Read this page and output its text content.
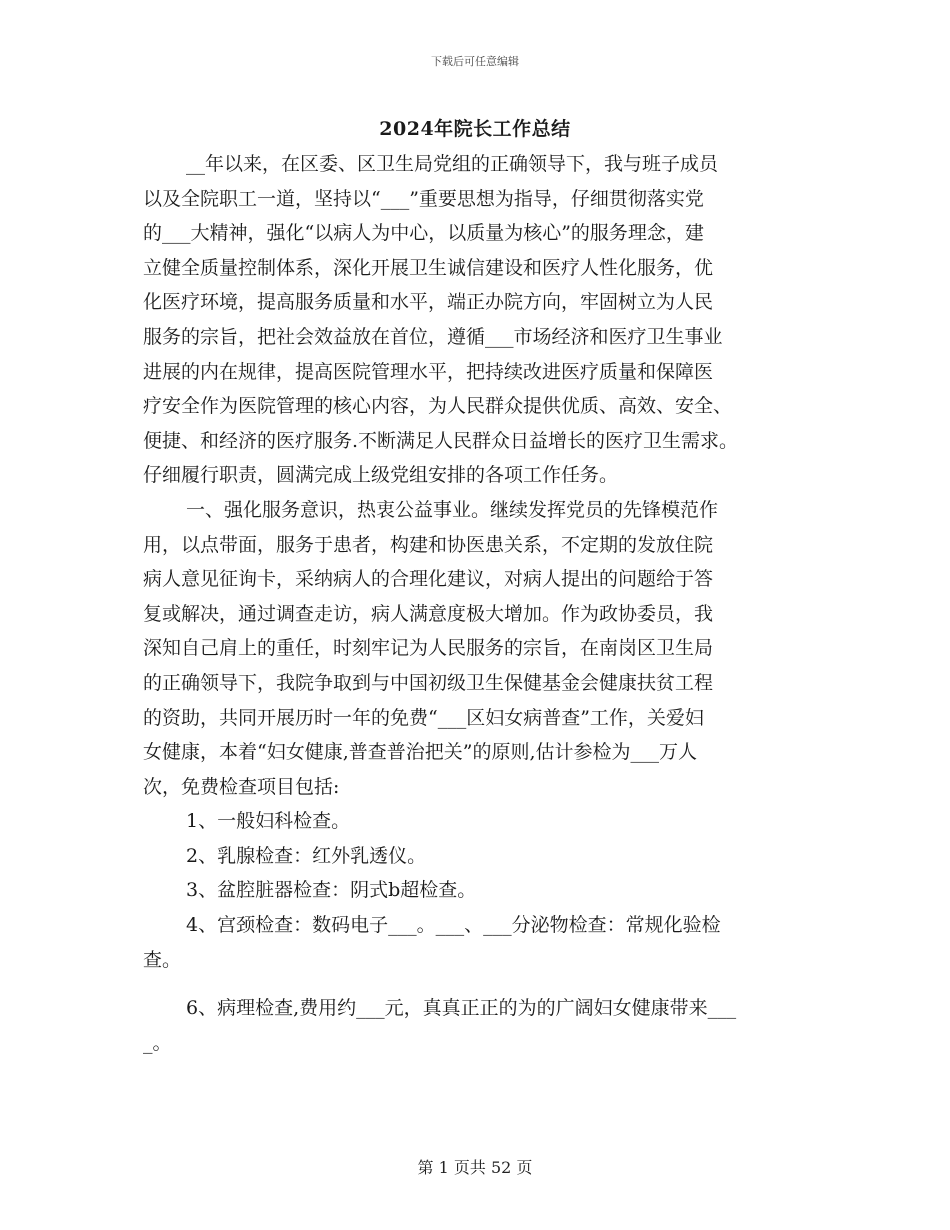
下载后可任意编辑
2024年院长工作总结
__年以来，在区委、区卫生局党组的正确领导下，我与班子成员
以及全院职工一道，坚持以“___”重要思想为指导，仔细贯彻落实党
的___大精神，强化“以病人为中心，以质量为核心”的服务理念，建
立健全质量控制体系，深化开展卫生诚信建设和医疗人性化服务，优
化医疗环境，提高服务质量和水平，端正办院方向，牢固树立为人民
服务的宗旨，把社会效益放在首位，遵循___市场经济和医疗卫生事业
进展的内在规律，提高医院管理水平，把持续改进医疗质量和保障医
疗安全作为医院管理的核心内容，为人民群众提供优质、高效、安全、
便捷、和经济的医疗服务.不断满足人民群众日益增长的医疗卫生需求。
仔细履行职责，圆满完成上级党组安排的各项工作任务。
一、强化服务意识，热衷公益事业。继续发挥党员的先锋模范作
用，以点带面，服务于患者，构建和协医患关系，不定期的发放住院
病人意见征询卡，采纳病人的合理化建议，对病人提出的问题给于答
复或解决，通过调查走访，病人满意度极大增加。作为政协委员，我
深知自己肩上的重任，时刻牢记为人民服务的宗旨，在南岗区卫生局
的正确领导下，我院争取到与中国初级卫生保健基金会健康扶贫工程
的资助，共同开展历时一年的免费“___区妇女病普查”工作，关爱妇
女健康，本着“妇女健康,普查普治把关”的原则,估计参检为___万人
次，免费检查项目包括:
1、一般妇科检查。
2、乳腺检查：红外乳透仪。
3、盆腔脏器检查：阴式b超检查。
4、宫颈检查：数码电子___。___、___分泌物检查：常规化验检
查。
6、病理检查,费用约___元，真真正正的为的广阔妇女健康带来___
_。
第 1 页共 52 页
